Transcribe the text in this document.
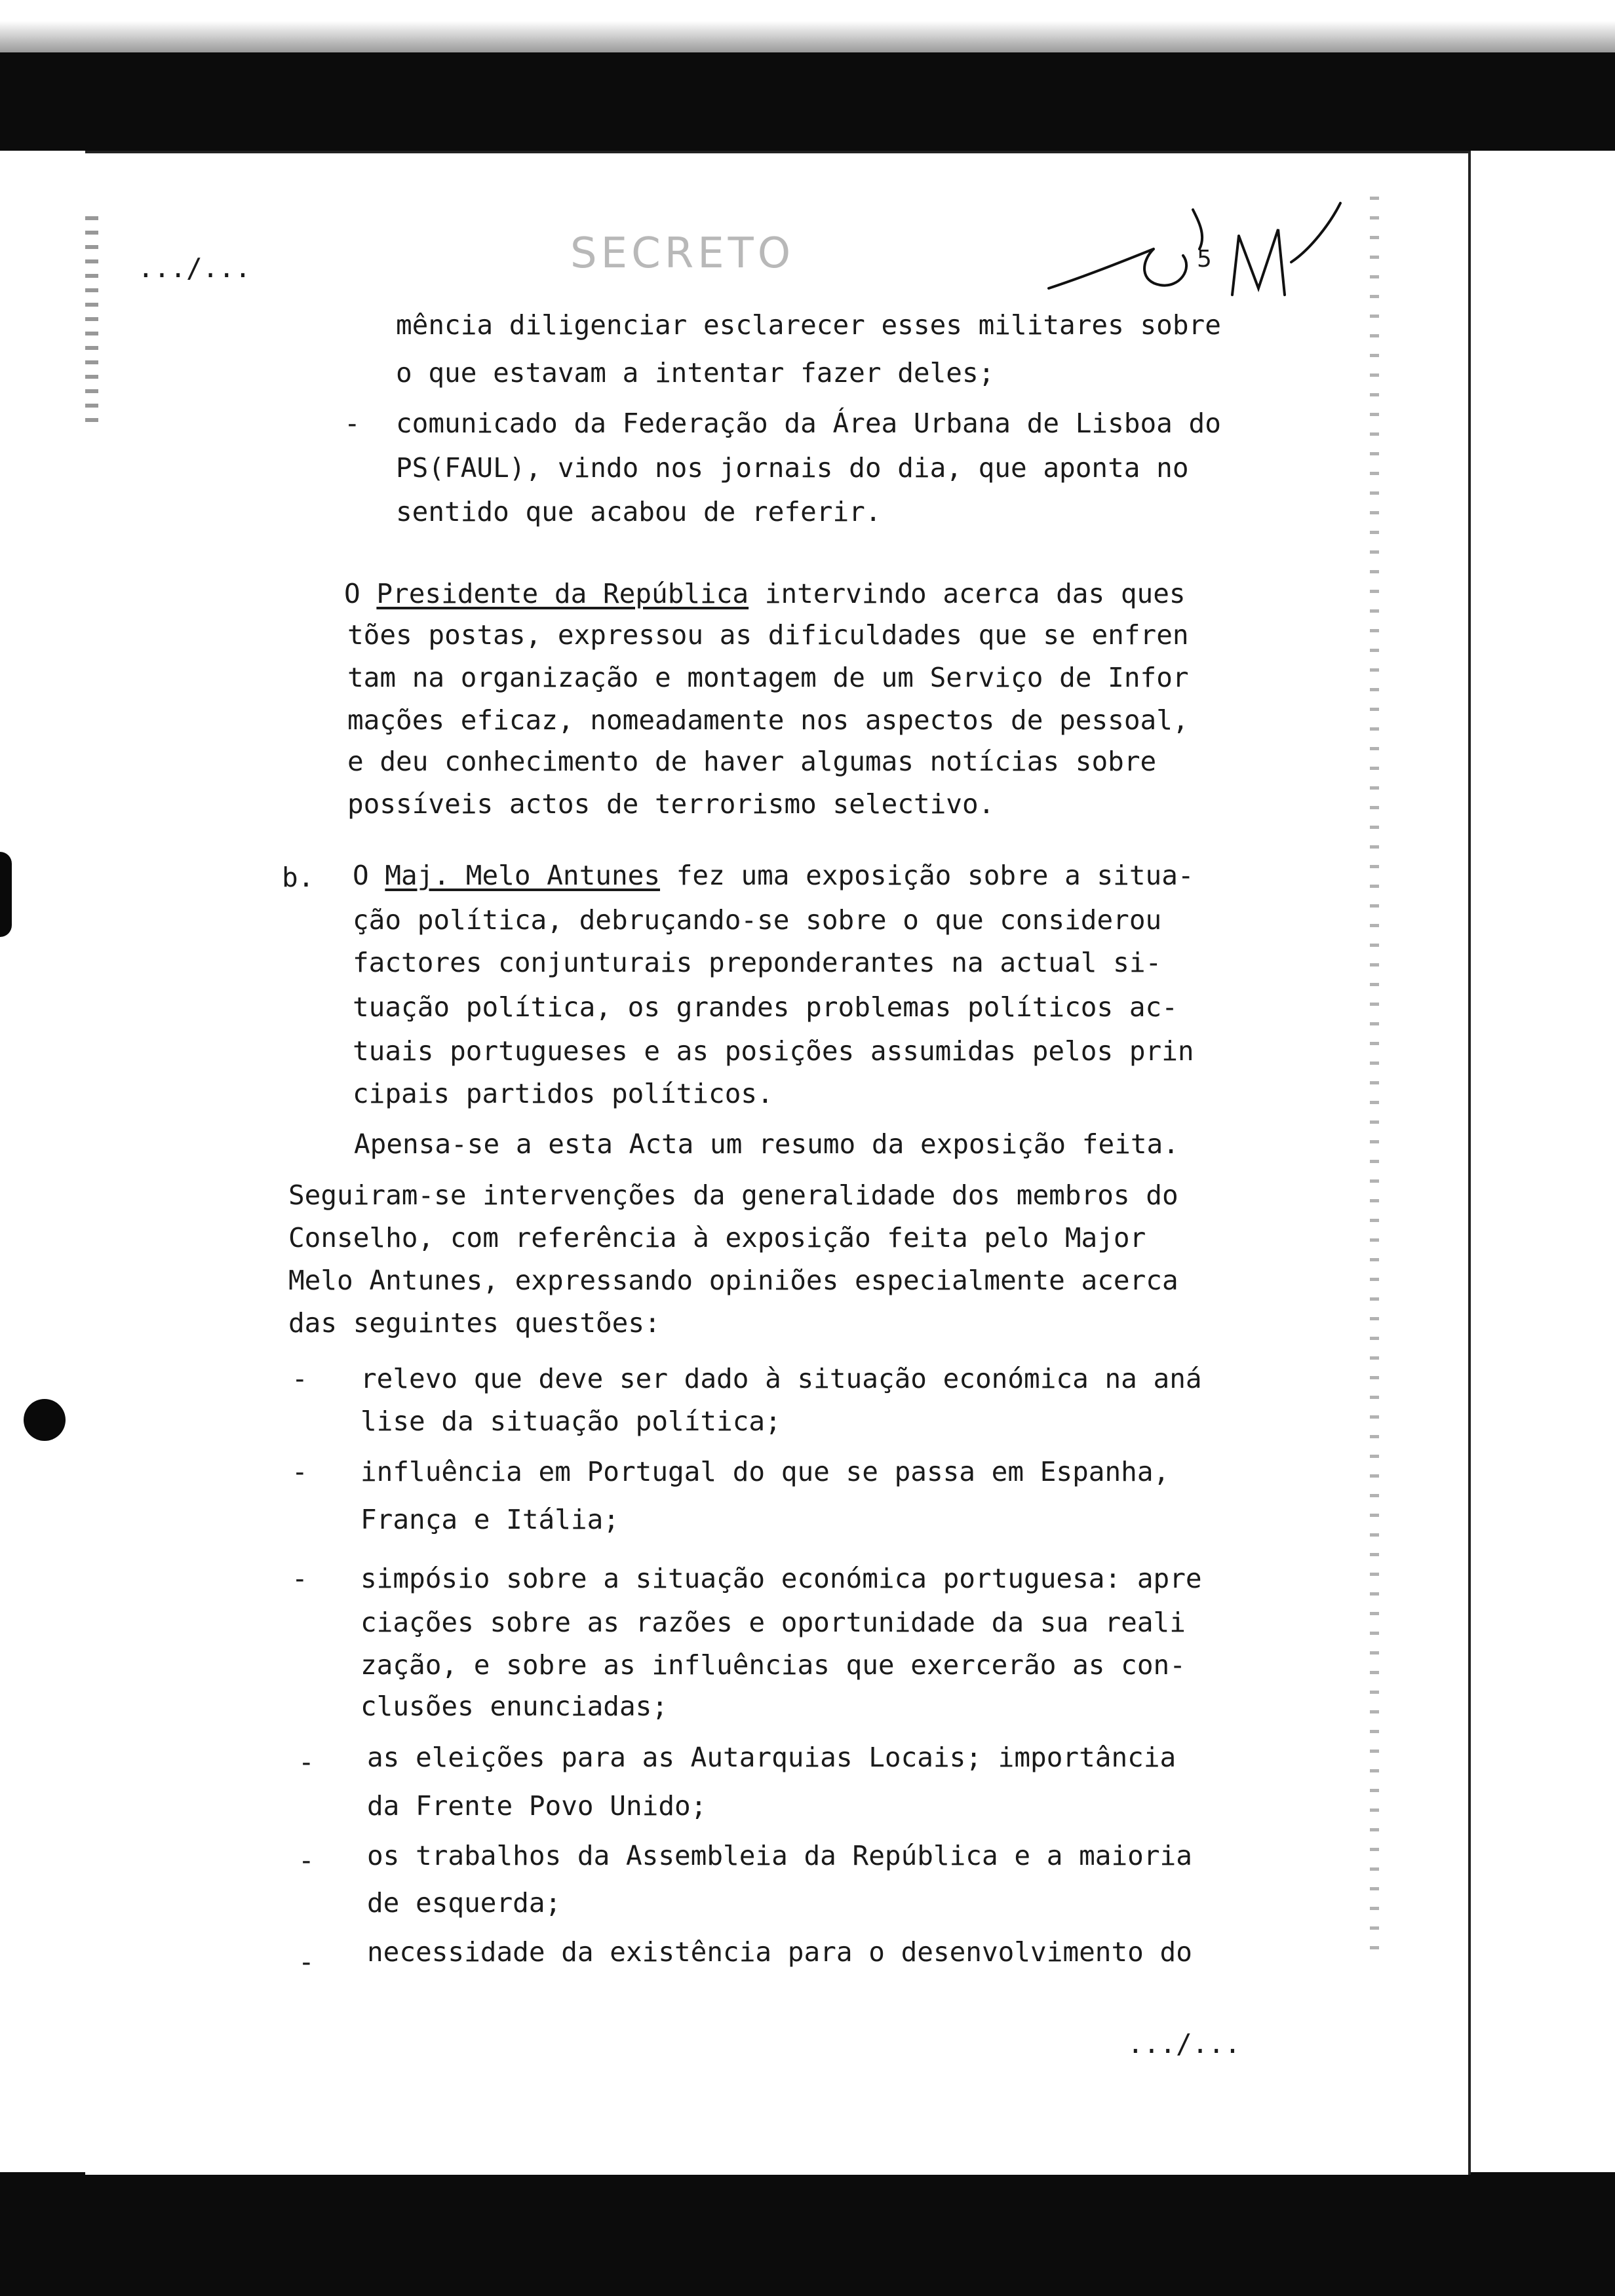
.../...	SECRETO	5
mência diligenciar esclarecer esses militares sobre
o que estavam a intentar fazer deles;
- comunicado da Federação da Área Urbana de Lisboa do
PS(FAUL), vindo nos jornais do dia, que aponta no
sentido que acabou de referir.
O Presidente da República intervindo acerca das ques
tões postas, expressou as dificuldades que se enfren
tam na organização e montagem de um Serviço de Infor
mações eficaz, nomeadamente nos aspectos de pessoal,
e deu conhecimento de haver algumas notícias sobre
possíveis actos de terrorismo selectivo.
b. O Maj. Melo Antunes fez uma exposição sobre a situa-
ção política, debruçando-se sobre o que considerou
factores conjunturais preponderantes na actual si-
tuação política, os grandes problemas políticos ac-
tuais portugueses e as posições assumidas pelos prin
cipais partidos políticos.
Apensa-se a esta Acta um resumo da exposição feita.
Seguiram-se intervenções da generalidade dos membros do
Conselho, com referência à exposição feita pelo Major
Melo Antunes, expressando opiniões especialmente acerca
das seguintes questões:
- relevo que deve ser dado à situação económica na aná
lise da situação política;
- influência em Portugal do que se passa em Espanha,
França e Itália;
- simpósio sobre a situação económica portuguesa: apre
ciações sobre as razões e oportunidade da sua reali
zação, e sobre as influências que exercerão as con-
clusões enunciadas;
- as eleições para as Autarquias Locais; importância
da Frente Povo Unido;
- os trabalhos da Assembleia da República e a maioria
de esquerda;
- necessidade da existência para o desenvolvimento do
.../...
